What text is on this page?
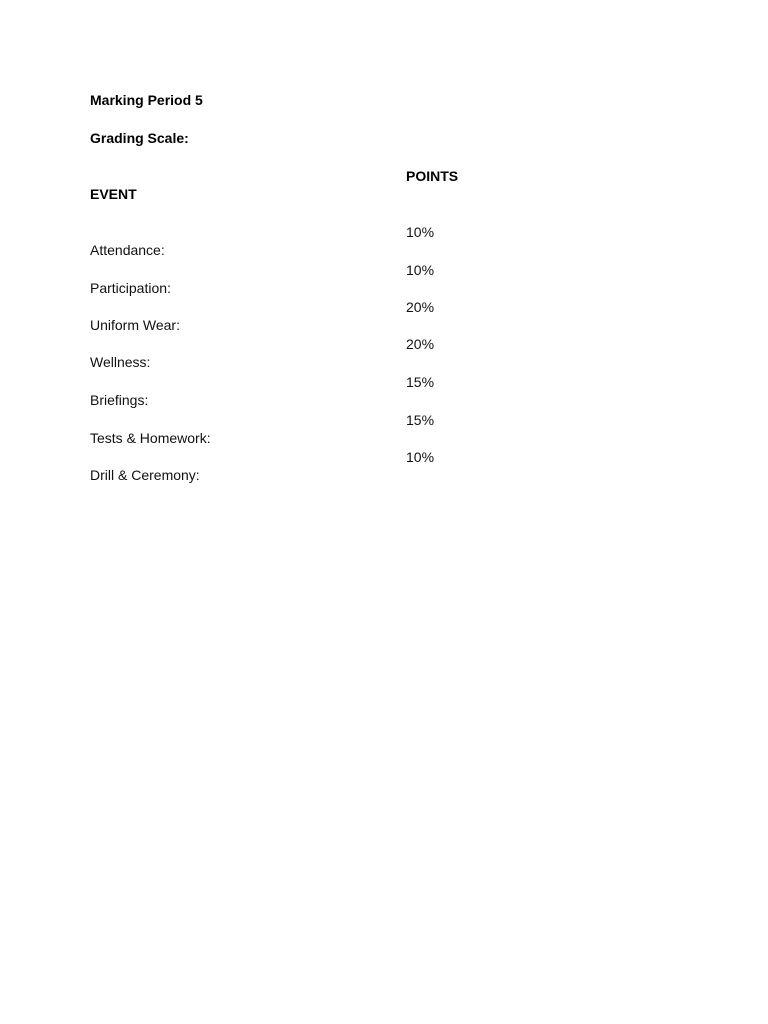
Marking Period 5
Grading Scale:
POINTS
EVENT
10%
Attendance:
10%
Participation:
20%
Uniform Wear:
20%
Wellness:
15%
Briefings:
15%
Tests & Homework:
10%
Drill & Ceremony:
